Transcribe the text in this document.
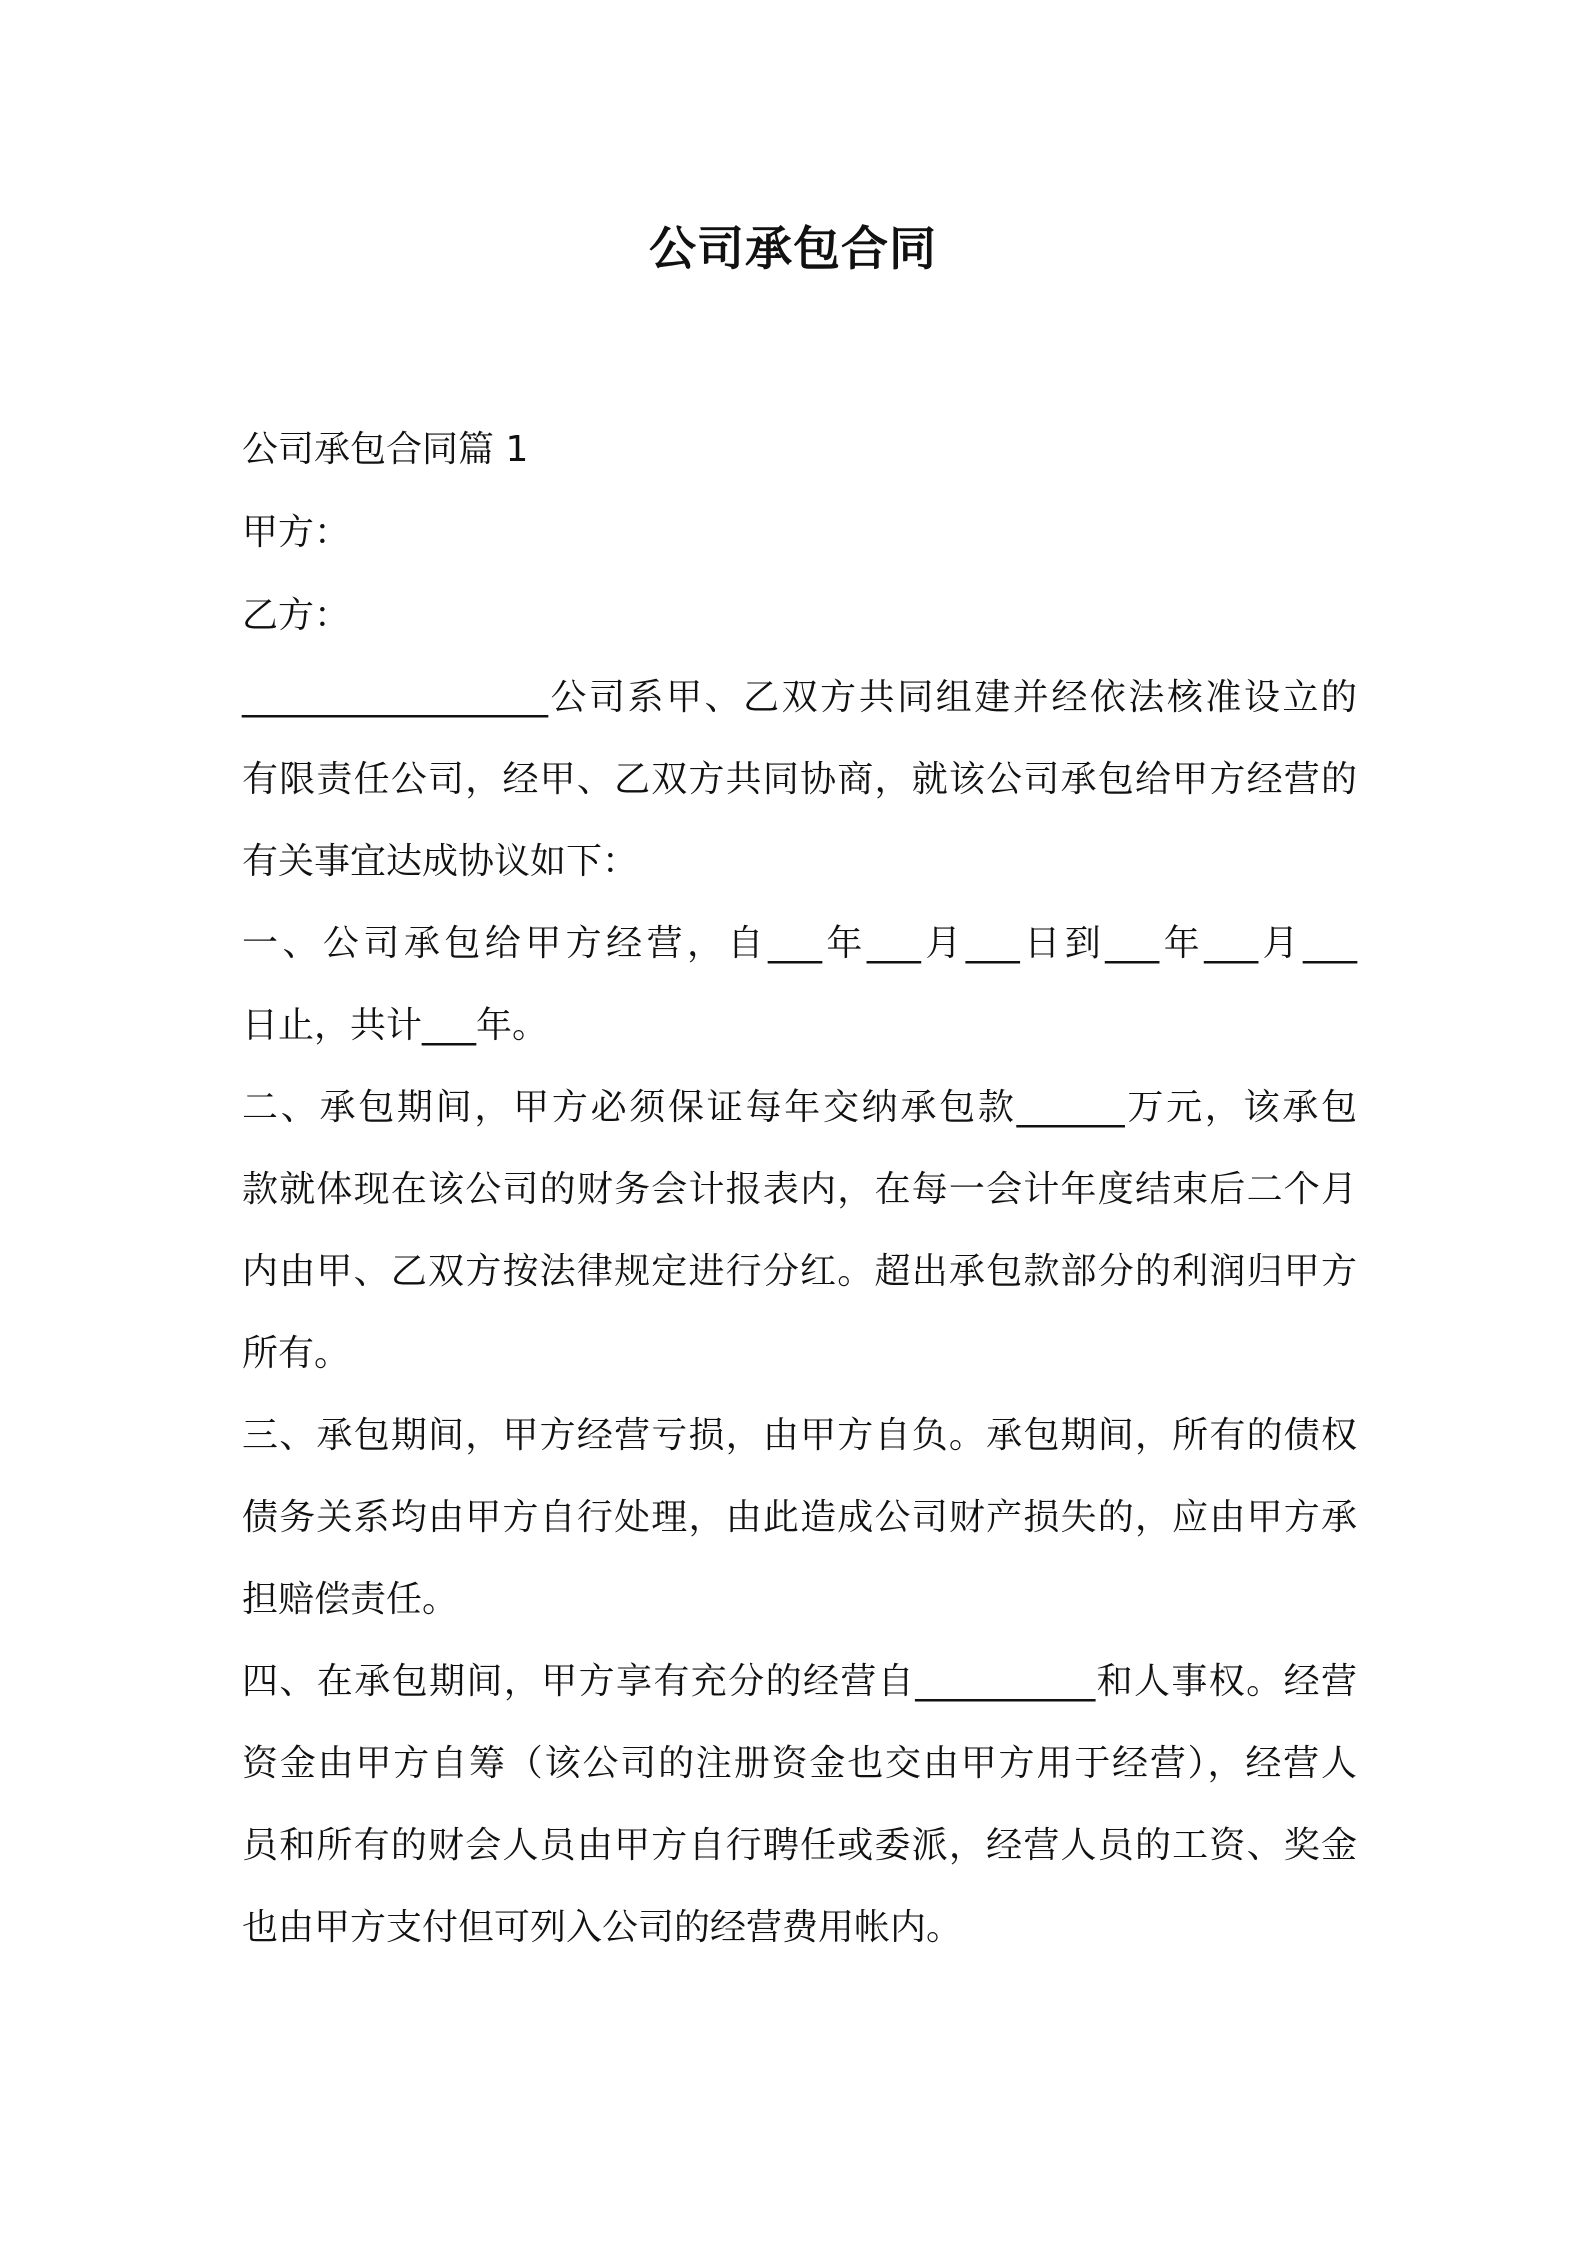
公司承包合同
公司承包合同篇 1
甲方：
乙方：
_________________公司系甲、乙双方共同组建并经依法核准设立的
有限责任公司，经甲、乙双方共同协商，就该公司承包给甲方经营的
有关事宜达成协议如下：
一、公司承包给甲方经营，自___年___月___日到___年___月___
日止，共计___年。
二、承包期间，甲方必须保证每年交纳承包款______万元，该承包
款就体现在该公司的财务会计报表内，在每一会计年度结束后二个月
内由甲、乙双方按法律规定进行分红。超出承包款部分的利润归甲方
所有。
三、承包期间，甲方经营亏损，由甲方自负。承包期间，所有的债权
债务关系均由甲方自行处理，由此造成公司财产损失的，应由甲方承
担赔偿责任。
四、在承包期间，甲方享有充分的经营自__________和人事权。经营
资金由甲方自筹（该公司的注册资金也交由甲方用于经营），经营人
员和所有的财会人员由甲方自行聘任或委派，经营人员的工资、奖金
也由甲方支付但可列入公司的经营费用帐内。
